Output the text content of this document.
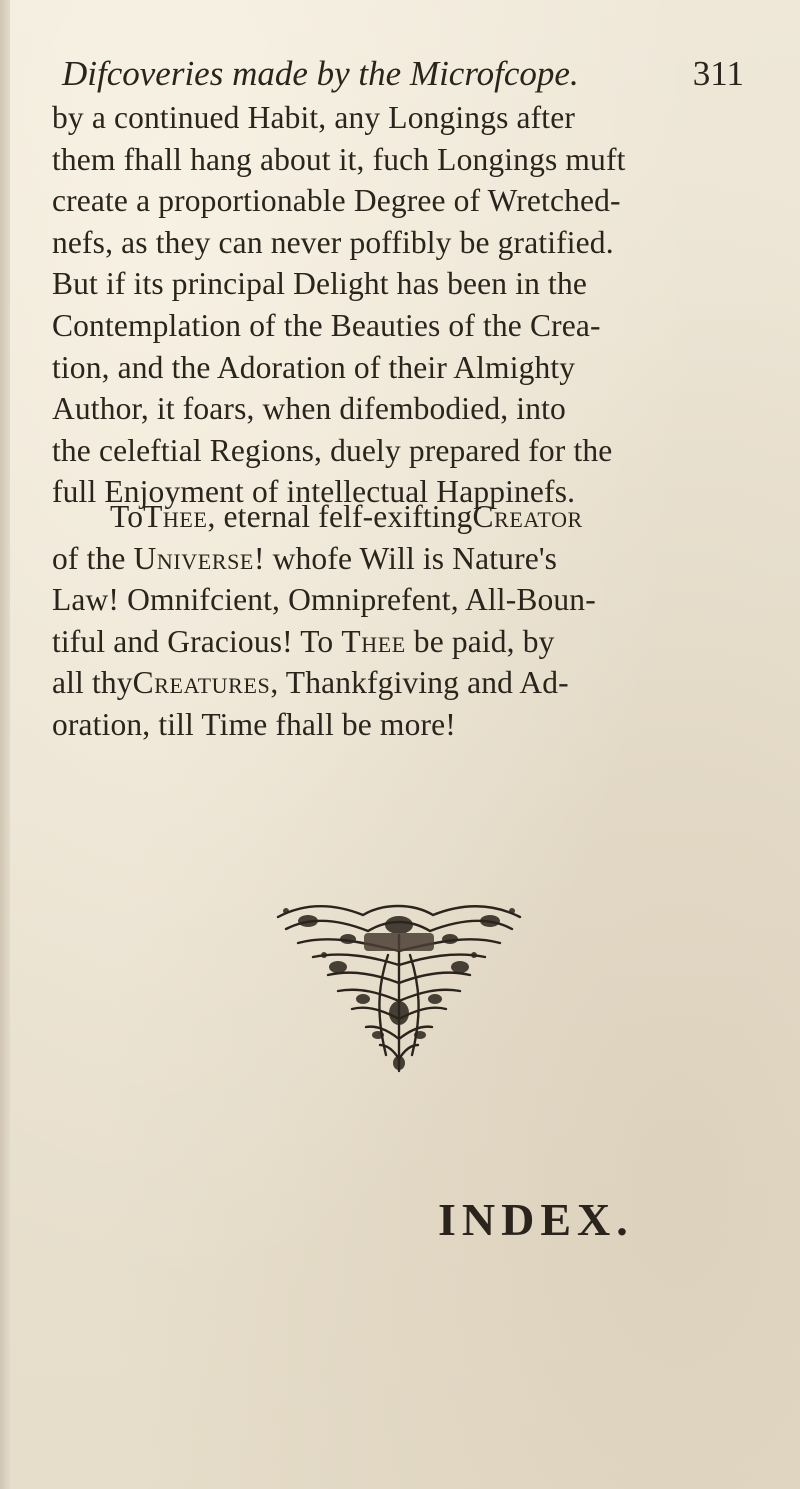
Difcoveries made by the Microfcope.	311
by a continued Habit, any Longings after
them fhall hang about it, fuch Longings muft
create a proportionable Degree of Wretched-
nefs, as they can never poffibly be gratified.
But if its principal Delight has been in the
Contemplation of the Beauties of the Crea-
tion, and the Adoration of their Almighty
Author, it foars, when difembodied, into
the celeftial Regions, duely prepared for the
full Enjoyment of intellectual Happinefs.
ToThee, eternal felf-exiftingCreator
of the Universe! whofe Will is Nature's
Law! Omnifcient, Omniprefent, All-Boun-
tiful and Gracious! To Thee be paid, by
all thyCreatures, Thankfgiving and Ad-
oration, till Time fhall be more!
INDEX.
